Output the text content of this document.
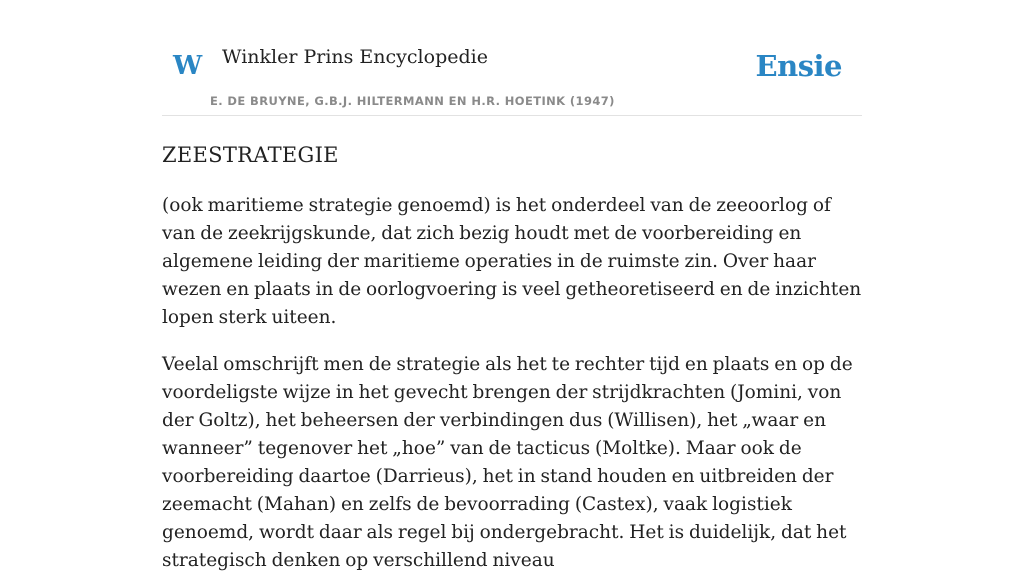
W Winkler Prins Encyclopedie
E. DE BRUYNE, G.B.J. HILTERMANN EN H.R. HOETINK (1947)
Ensie
ZEESTRATEGIE

(ook maritieme strategie genoemd) is het onderdeel van de zeeoorlog of van de zeekrijgskunde, dat zich bezig houdt met de voorbereiding en algemene leiding der maritieme operaties in de ruimste zin. Over haar wezen en plaats in de oorlogvoering is veel getheoretiseerd en de inzichten lopen sterk uiteen.

Veelal omschrijft men de strategie als het te rechter tijd en plaats en op de voordeligste wijze in het gevecht brengen der strijdkrachten (Jomini, von der Goltz), het beheersen der verbindingen dus (Willisen), het „waar en wanneer” tegenover het „hoe” van de tacticus (Moltke). Maar ook de voorbereiding daartoe (Darrieus), het in stand houden en uitbreiden der zeemacht (Mahan) en zelfs de bevoorrading (Castex), vaak logistiek genoemd, wordt daar als regel bij ondergebracht. Het is duidelijk, dat het strategisch denken op verschillend niveau
